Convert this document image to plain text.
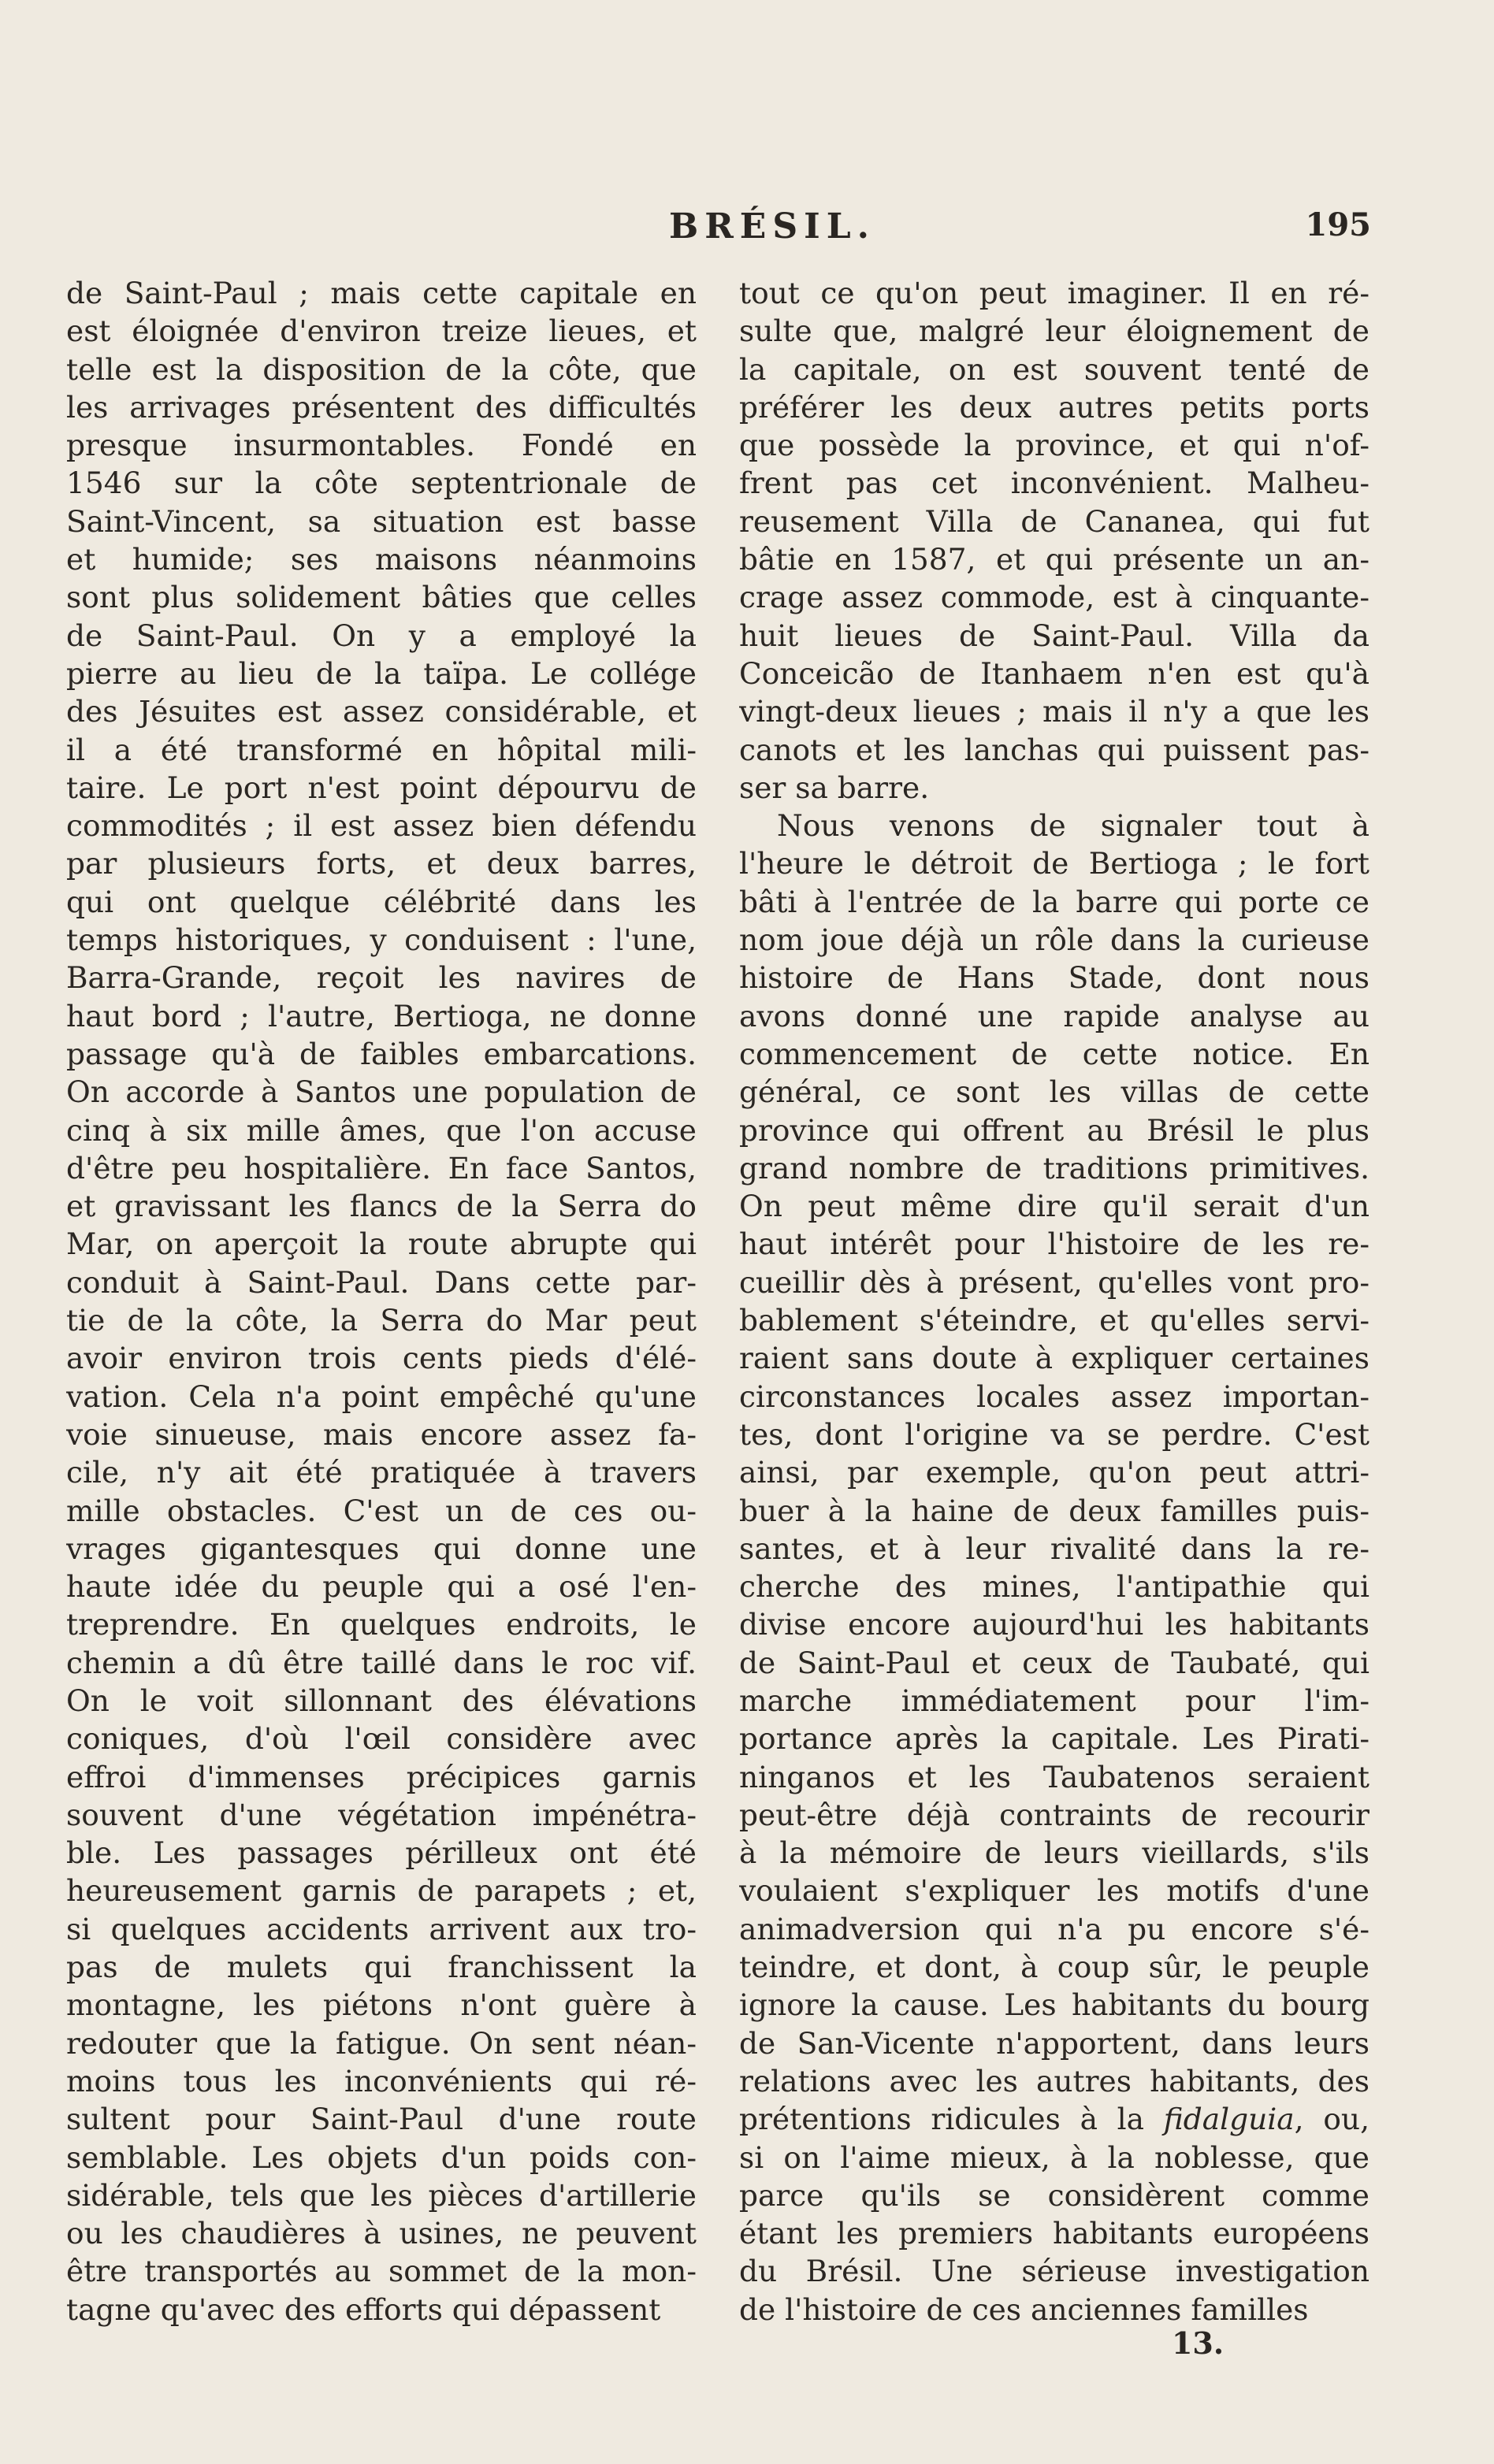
BRÉSIL.	195
de Saint-Paul ; mais cette capitale en
est éloignée d'environ treize lieues, et
telle est la disposition de la côte, que
les arrivages présentent des difficultés
presque insurmontables. Fondé en
1546 sur la côte septentrionale de
Saint-Vincent, sa situation est basse
et humide; ses maisons néanmoins
sont plus solidement bâties que celles
de Saint-Paul. On y a employé la
pierre au lieu de la taïpa. Le collége
des Jésuites est assez considérable, et
il a été transformé en hôpital mili-
taire. Le port n'est point dépourvu de
commodités ; il est assez bien défendu
par plusieurs forts, et deux barres,
qui ont quelque célébrité dans les
temps historiques, y conduisent : l'une,
Barra-Grande, reçoit les navires de
haut bord ; l'autre, Bertioga, ne donne
passage qu'à de faibles embarcations.
On accorde à Santos une population de
cinq à six mille âmes, que l'on accuse
d'être peu hospitalière. En face Santos,
et gravissant les flancs de la Serra do
Mar, on aperçoit la route abrupte qui
conduit à Saint-Paul. Dans cette par-
tie de la côte, la Serra do Mar peut
avoir environ trois cents pieds d'élé-
vation. Cela n'a point empêché qu'une
voie sinueuse, mais encore assez fa-
cile, n'y ait été pratiquée à travers
mille obstacles. C'est un de ces ou-
vrages gigantesques qui donne une
haute idée du peuple qui a osé l'en-
treprendre. En quelques endroits, le
chemin a dû être taillé dans le roc vif.
On le voit sillonnant des élévations
coniques, d'où l'œil considère avec
effroi d'immenses précipices garnis
souvent d'une végétation impénétra-
ble. Les passages périlleux ont été
heureusement garnis de parapets ; et,
si quelques accidents arrivent aux tro-
pas de mulets qui franchissent la
montagne, les piétons n'ont guère à
redouter que la fatigue. On sent néan-
moins tous les inconvénients qui ré-
sultent pour Saint-Paul d'une route
semblable. Les objets d'un poids con-
sidérable, tels que les pièces d'artillerie
ou les chaudières à usines, ne peuvent
être transportés au sommet de la mon-
tagne qu'avec des efforts qui dépassent
tout ce qu'on peut imaginer. Il en ré-
sulte que, malgré leur éloignement de
la capitale, on est souvent tenté de
préférer les deux autres petits ports
que possède la province, et qui n'of-
frent pas cet inconvénient. Malheu-
reusement Villa de Cananea, qui fut
bâtie en 1587, et qui présente un an-
crage assez commode, est à cinquante-
huit lieues de Saint-Paul. Villa da
Conceicão de Itanhaem n'en est qu'à
vingt-deux lieues ; mais il n'y a que les
canots et les lanchas qui puissent pas-
ser sa barre.
Nous venons de signaler tout à
l'heure le détroit de Bertioga ; le fort
bâti à l'entrée de la barre qui porte ce
nom joue déjà un rôle dans la curieuse
histoire de Hans Stade, dont nous
avons donné une rapide analyse au
commencement de cette notice. En
général, ce sont les villas de cette
province qui offrent au Brésil le plus
grand nombre de traditions primitives.
On peut même dire qu'il serait d'un
haut intérêt pour l'histoire de les re-
cueillir dès à présent, qu'elles vont pro-
bablement s'éteindre, et qu'elles servi-
raient sans doute à expliquer certaines
circonstances locales assez importan-
tes, dont l'origine va se perdre. C'est
ainsi, par exemple, qu'on peut attri-
buer à la haine de deux familles puis-
santes, et à leur rivalité dans la re-
cherche des mines, l'antipathie qui
divise encore aujourd'hui les habitants
de Saint-Paul et ceux de Taubaté, qui
marche immédiatement pour l'im-
portance après la capitale. Les Pirati-
ninganos et les Taubatenos seraient
peut-être déjà contraints de recourir
à la mémoire de leurs vieillards, s'ils
voulaient s'expliquer les motifs d'une
animadversion qui n'a pu encore s'é-
teindre, et dont, à coup sûr, le peuple
ignore la cause. Les habitants du bourg
de San-Vicente n'apportent, dans leurs
relations avec les autres habitants, des
prétentions ridicules à la fidalguia, ou,
si on l'aime mieux, à la noblesse, que
parce qu'ils se considèrent comme
étant les premiers habitants européens
du Brésil. Une sérieuse investigation
de l'histoire de ces anciennes familles
13.
